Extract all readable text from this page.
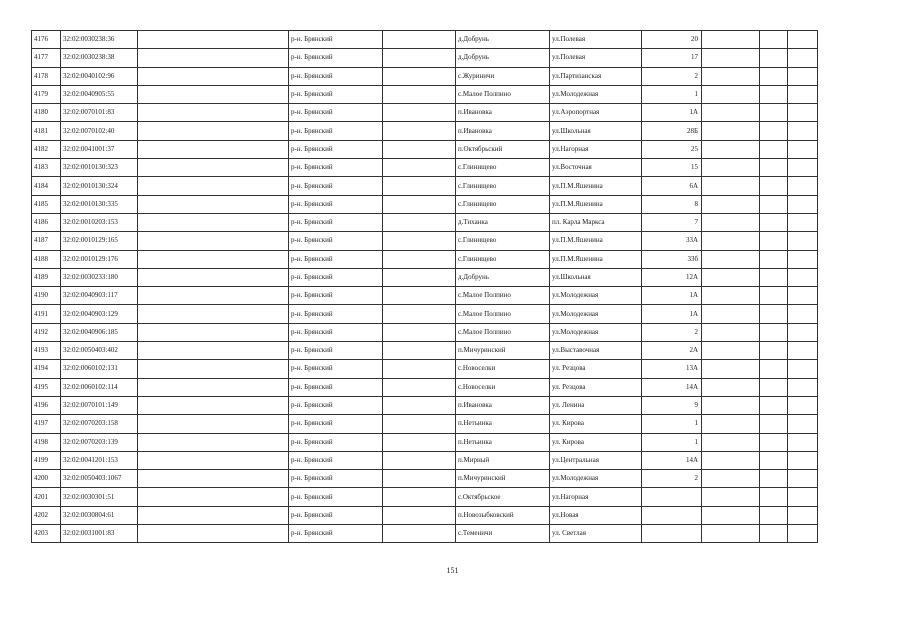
4176	32:02:0030238:36		р-н. Брянский		д.Добрунь	ул.Полевая	20			
4177	32:02:0030238:38		р-н. Брянский		д.Добрунь	ул.Полевая	17			
4178	32:02:0040102:96		р-н. Брянский		с.Журиничи	ул.Партизанская	2			
4179	32:02:0040905:55		р-н. Брянский		с.Малое Полпино	ул.Молодежная	1			
4180	32:02:0070101:83		р-н. Брянский		п.Ивановка	ул.Аэропортная	1А			
4181	32:02:0070102:40		р-н. Брянский		п.Ивановка	ул.Школьная	28Б			
4182	32:02:0041001:37		р-н. Брянский		п.Октябрьский	ул.Нагорная	25			
4183	32:02:0010130:323		р-н. Брянский		с.Глинищево	ул.Восточная	15			
4184	32:02:0010130:324		р-н. Брянский		с.Глинищево	ул.П.М.Яшенина	6А			
4185	32:02:0010130:335		р-н. Брянский		с.Глинищево	ул.П.М.Яшенина	8			
4186	32:02:0010203:153		р-н. Брянский		д.Тиханка	пл. Карла Маркса	7			
4187	32:02:0010129:165		р-н. Брянский		с.Глинищево	ул.П.М.Яшенина	33А			
4188	32:02:0010129:176		р-н. Брянский		с.Глинищево	ул.П.М.Яшенина	33б			
4189	32:02:0030233:180		р-н. Брянский		д.Добрунь	ул.Школьная	12А			
4190	32:02:0040903:117		р-н. Брянский		с.Малое Полпино	ул.Молодежная	1А			
4191	32:02:0040903:129		р-н. Брянский		с.Малое Полпино	ул.Молодежная	1А			
4192	32:02:0040906:185		р-н. Брянский		с.Малое Полпино	ул.Молодежная	2			
4193	32:02:0050403:402		р-н. Брянский		п.Мичуринский	ул.Выставочная	2А			
4194	32:02:0060102:131		р-н. Брянский		с.Новоселки	ул. Резцова	13А			
4195	32:02:0060102:114		р-н. Брянский		с.Новоселки	ул. Резцова	14А			
4196	32:02:0070101:149		р-н. Брянский		п.Ивановка	ул. Ленина	9			
4197	32:02:0070203:158		р-н. Брянский		п.Нетьинка	ул. Кирова	1			
4198	32:02:0070203:139		р-н. Брянский		п.Нетьинка	ул. Кирова	1			
4199	32:02:0041201:153		р-н. Брянский		п.Мирный	ул.Центральная	14А			
4200	32:02:0050403:1067		р-н. Брянский		п.Мичуринский	ул.Молодежная	2			
4201	32:02:0030301:51		р-н. Брянский		с.Октябрьское	ул.Нагорная				
4202	32:02:0030804:61		р-н. Брянский		п.Новозыбковский	ул.Новая				
4203	32:02:0031001:83		р-н. Брянский		с.Теменичи	ул. Светлая				
151
